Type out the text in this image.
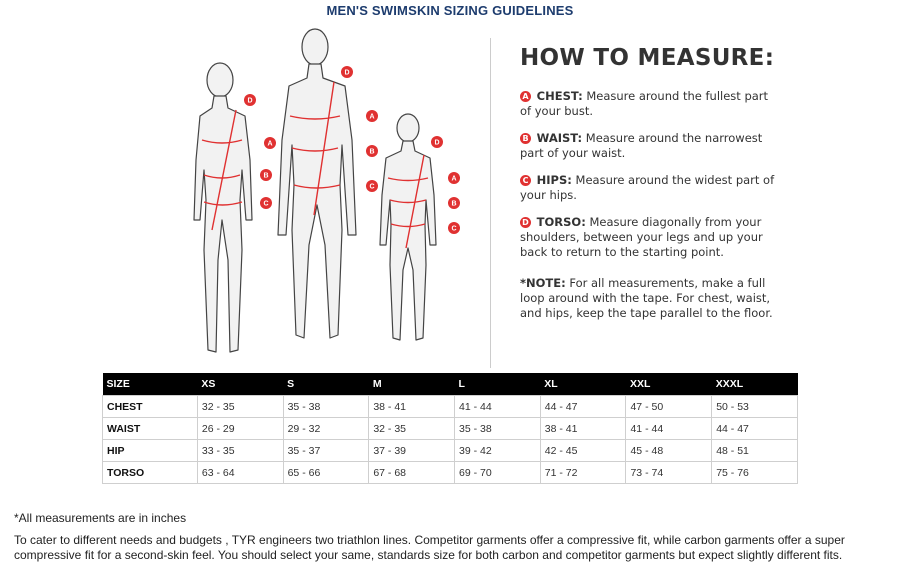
MEN'S SWIMSKIN SIZING GUIDELINES
D
A
B
C
D
A
B
C
D
A
B
C
HOW TO MEASURE:
A CHEST: Measure around the fullest part of your bust.
B WAIST: Measure around the narrowest part of your waist.
C HIPS: Measure around the widest part of your hips.
D TORSO: Measure diagonally from your shoulders, between your legs and up your back to return to the starting point.
*NOTE: For all measurements, make a full loop around with the tape. For chest, waist, and hips, keep the tape parallel to the floor.
SIZE	XS	S	M	L	XL	XXL	XXXL
CHEST	32 - 35	35 - 38	38 - 41	41 - 44	44 - 47	47 - 50	50 - 53
WAIST	26 - 29	29 - 32	32 - 35	35 - 38	38 - 41	41 - 44	44 - 47
HIP	33 - 35	35 - 37	37 - 39	39 - 42	42 - 45	45 - 48	48 - 51
TORSO	63 - 64	65 - 66	67 - 68	69 - 70	71 - 72	73 - 74	75 - 76
*All measurements are in inches
To cater to different needs and budgets , TYR engineers two triathlon lines. Competitor garments offer a compressive fit, while carbon garments offer a super compressive fit for a second-skin feel. You should select your same, standards size for both carbon and competitor garments but expect slightly different fits.
